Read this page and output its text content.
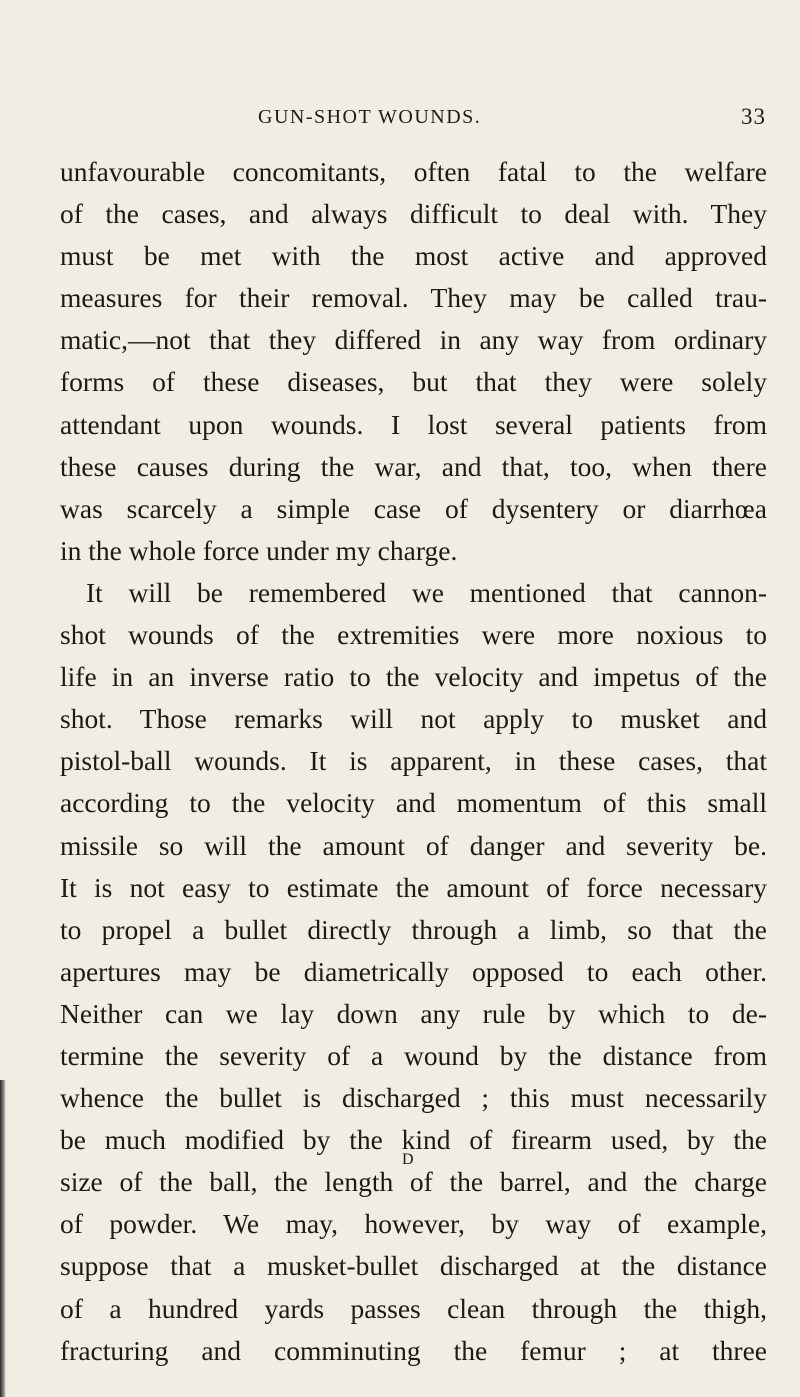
GUN-SHOT WOUNDS.	33
unfavourable concomitants, often fatal to the welfare
of the cases, and always difficult to deal with. They
must be met with the most active and approved
measures for their removal. They may be called trau-
matic,—not that they differed in any way from ordinary
forms of these diseases, but that they were solely
attendant upon wounds. I lost several patients from
these causes during the war, and that, too, when there
was scarcely a simple case of dysentery or diarrhœa
in the whole force under my charge.
It will be remembered we mentioned that cannon-
shot wounds of the extremities were more noxious to
life in an inverse ratio to the velocity and impetus of the
shot. Those remarks will not apply to musket and
pistol-ball wounds. It is apparent, in these cases, that
according to the velocity and momentum of this small
missile so will the amount of danger and severity be.
It is not easy to estimate the amount of force necessary
to propel a bullet directly through a limb, so that the
apertures may be diametrically opposed to each other.
Neither can we lay down any rule by which to de-
termine the severity of a wound by the distance from
whence the bullet is discharged ; this must necessarily
be much modified by the kind of firearm used, by the
size of the ball, the length of the barrel, and the charge
of powder. We may, however, by way of example,
suppose that a musket-bullet discharged at the distance
of a hundred yards passes clean through the thigh,
fracturing and comminuting the femur ; at three
D
